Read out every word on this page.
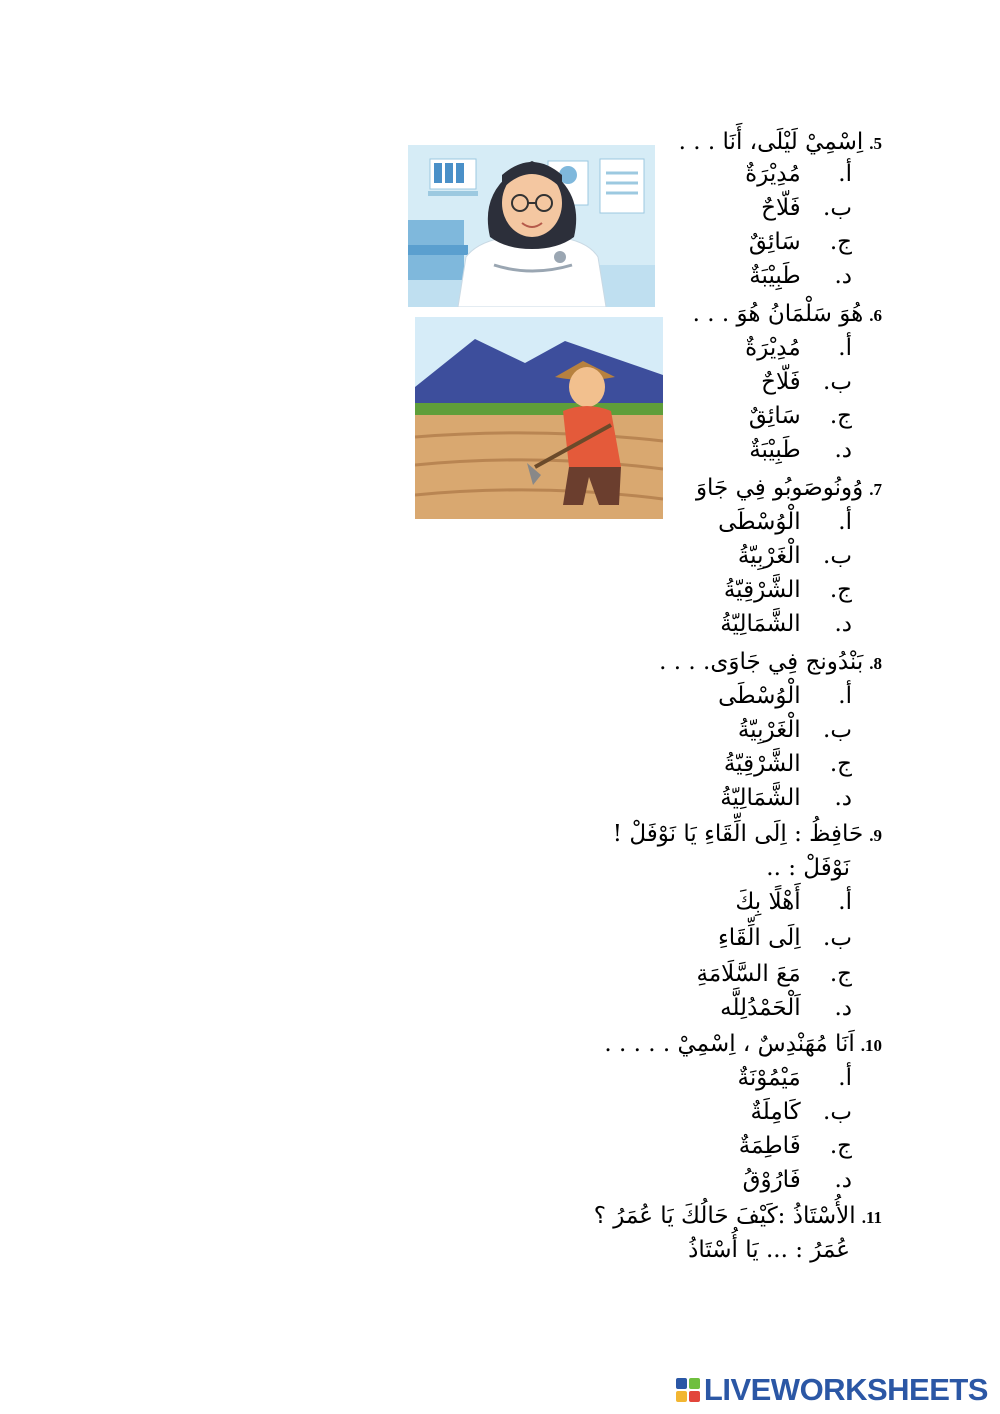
5.اِسْمِيْ لَيْلَى، أَنَا . . .
أ. مُدِيْرَةٌ
ب. فَلّاحٌ
ج. سَائِقٌ
د. طَبِيْبَةٌ
6.هُوَ سَلْمَانُ هُوَ . . .
أ. مُدِيْرَةٌ
ب. فَلّاحٌ
ج. سَائِقٌ
د. طَبِيْبَةٌ
7.وُونُوصَوبُو فِي جَاوَ
أ. الْوُسْطَى
ب. الْغَرْبِيّةُ
ج. الشَّرْقِيّةُ
د. الشَّمَالِيّةُ
8.بَنْدُونج فِي جَاوَى. . . .
أ. الْوُسْطَى
ب. الْغَرْبِيّةُ
ج. الشَّرْقِيّةُ
د. الشَّمَالِيّةُ
9.حَافِظُ : اِلَى الِّقَاءِ يَا نَوْفَلْ !
نَوْفَلْ : ..
أ. أَهْلًا بِكَ
ب. اِلَى الِّقَاءِ
ج. مَعَ السَّلَامَةِ
د. اَلْحَمْدُلِلَّه
10.اَنَا مُهَنْدِسٌ ، اِسْمِيْ . . . . .
أ. مَيْمُوْنَةٌ
ب. كَامِلَةٌ
ج. فَاطِمَةٌ
د. فَارُوْقُ
11.الأُسْتَاذُ :كَيْفَ حَالُكَ يَا عُمَرُ ؟
عُمَرُ : ... يَا أُسْتَاذُ
LIVEWORKSHEETS
